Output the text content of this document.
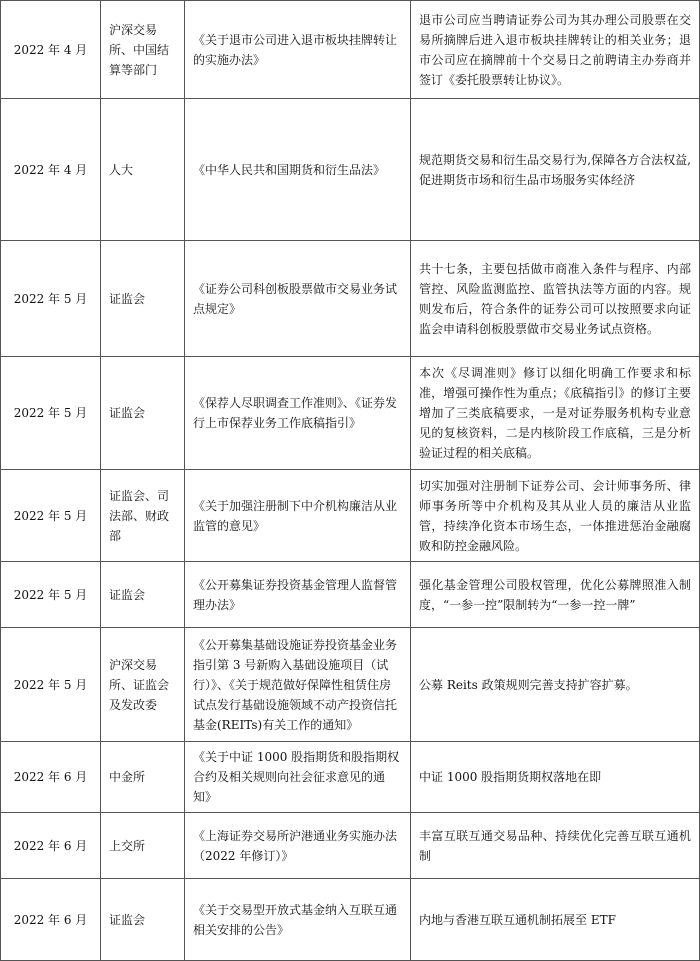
2022 年 4 月	沪深交易所、中国结算等部门	《关于退市公司进入退市板块挂牌转让的实施办法》	退市公司应当聘请证券公司为其办理公司股票在交易所摘牌后进入退市板块挂牌转让的相关业务；退市公司应在摘牌前十个交易日之前聘请主办券商并签订《委托股票转让协议》。
2022 年 4 月	人大	《中华人民共和国期货和衍生品法》	规范期货交易和衍生品交易行为,保障各方合法权益,促进期货市场和衍生品市场服务实体经济
2022 年 5 月	证监会	《证券公司科创板股票做市交易业务试点规定》	共十七条，主要包括做市商准入条件与程序、内部管控、风险监测监控、监管执法等方面的内容。规则发布后，符合条件的证券公司可以按照要求向证监会申请科创板股票做市交易业务试点资格。
2022 年 5 月	证监会	《保荐人尽职调查工作准则》、《证券发行上市保荐业务工作底稿指引》	本次《尽调准则》修订以细化明确工作要求和标准，增强可操作性为重点；《底稿指引》的修订主要增加了三类底稿要求，一是对证券服务机构专业意见的复核资料，二是内核阶段工作底稿，三是分析验证过程的相关底稿。
2022 年 5 月	证监会、司法部、财政部	《关于加强注册制下中介机构廉洁从业监管的意见》	切实加强对注册制下证券公司、会计师事务所、律师事务所等中介机构及其从业人员的廉洁从业监管，持续净化资本市场生态，一体推进惩治金融腐败和防控金融风险。
2022 年 5 月	证监会	《公开募集证券投资基金管理人监督管理办法》	强化基金管理公司股权管理，优化公募牌照准入制度，“一参一控”限制转为“一参一控一牌”
2022 年 5 月	沪深交易所、证监会及发改委	《公开募集基础设施证券投资基金业务指引第 3 号新购入基础设施项目（试行）》、《关于规范做好保障性租赁住房试点发行基础设施领域不动产投资信托基金(REITs)有关工作的通知》	公募 Reits 政策规则完善支持扩容扩募。
2022 年 6 月	中金所	《关于中证 1000 股指期货和股指期权合约及相关规则向社会征求意见的通知》	中证 1000 股指期货期权落地在即
2022 年 6 月	上交所	《上海证券交易所沪港通业务实施办法（2022 年修订）》	丰富互联互通交易品种、持续优化完善互联互通机制
2022 年 6 月	证监会	《关于交易型开放式基金纳入互联互通相关安排的公告》	内地与香港互联互通机制拓展至 ETF
